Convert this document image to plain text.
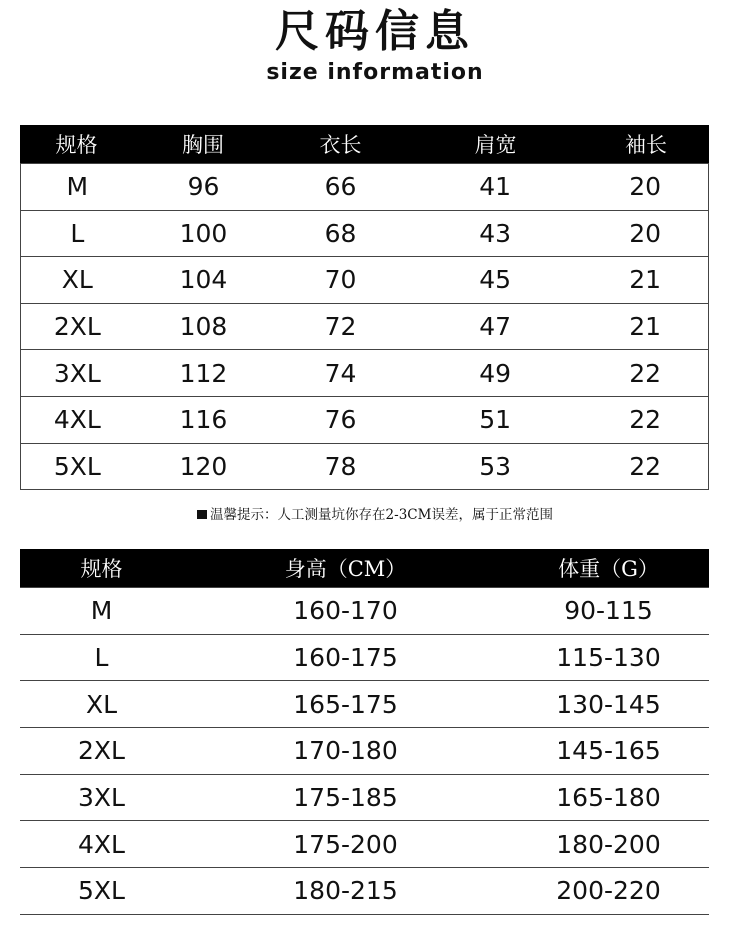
尺码信息
size information
规格	胸围	衣长	肩宽	袖长
M	96	66	41	20
L	100	68	43	20
XL	104	70	45	21
2XL	108	72	47	21
3XL	112	74	49	22
4XL	116	76	51	22
5XL	120	78	53	22
温馨提示：人工测量坑你存在2-3CM误差，属于正常范围
规格	身高（CM）	体重（G）
M	160-170	90-115
L	160-175	115-130
XL	165-175	130-145
2XL	170-180	145-165
3XL	175-185	165-180
4XL	175-200	180-200
5XL	180-215	200-220
